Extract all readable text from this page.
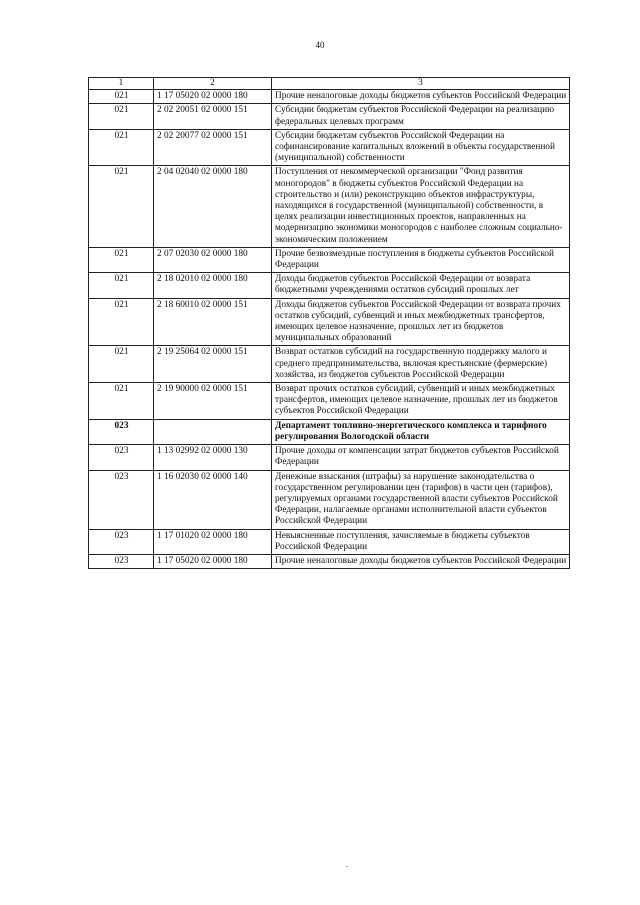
40
1	2	3
021	1 17 05020 02 0000 180	Прочие неналоговые доходы бюджетов субъектов Российской Федерации
021	2 02 20051 02 0000 151	Субсидии бюджетам субъектов Российской Федерации на реализацию федеральных целевых программ
021	2 02 20077 02 0000 151	Субсидии бюджетам субъектов Российской Федерации на софинансирование капитальных вложений в объекты государственной (муниципальной) собственности
021	2 04 02040 02 0000 180	Поступления от некоммерческой организации "Фонд развития моногородов" в бюджеты субъектов Российской Федерации на строительство и (или) реконструкцию объектов инфраструктуры, находящихся в государственной (муниципальной) собственности, в целях реализации инвестиционных проектов, направленных на модернизацию экономики моногородов с наиболее сложным социально-экономическим положением
021	2 07 02030 02 0000 180	Прочие безвозмездные поступления в бюджеты субъектов Российской Федерации
021	2 18 02010 02 0000 180	Доходы бюджетов субъектов Российской Федерации от возврата бюджетными учреждениями остатков субсидий прошлых лет
021	2 18 60010 02 0000 151	Доходы бюджетов субъектов Российской Федерации от возврата прочих остатков субсидий, субвенций и иных межбюджетных трансфертов, имеющих целевое назначение, прошлых лет из бюджетов муниципальных образований
021	2 19 25064 02 0000 151	Возврат остатков субсидий на государственную поддержку малого и среднего предпринимательства, включая крестьянские (фермерские) хозяйства, из бюджетов субъектов Российской Федерации
021	2 19 90000 02 0000 151	Возврат прочих остатков субсидий, субвенций и иных межбюджетных трансфертов, имеющих целевое назначение, прошлых лет из бюджетов субъектов Российской Федерации
023		Департамент топливно-энергетического комплекса и тарифного регулирования Вологодской области
023	1 13 02992 02 0000 130	Прочие доходы от компенсации затрат бюджетов субъектов Российской Федерации
023	1 16 02030 02 0000 140	Денежные взыскания (штрафы) за нарушение законодательства о государственном регулировании цен (тарифов) в части цен (тарифов), регулируемых органами государственной власти субъектов Российской Федерации, налагаемые органами исполнительной власти субъектов Российской Федерации
023	1 17 01020 02 0000 180	Невыясненные поступления, зачисляемые в бюджеты субъектов Российской Федерации
023	1 17 05020 02 0000 180	Прочие неналоговые доходы бюджетов субъектов Российской Федерации
